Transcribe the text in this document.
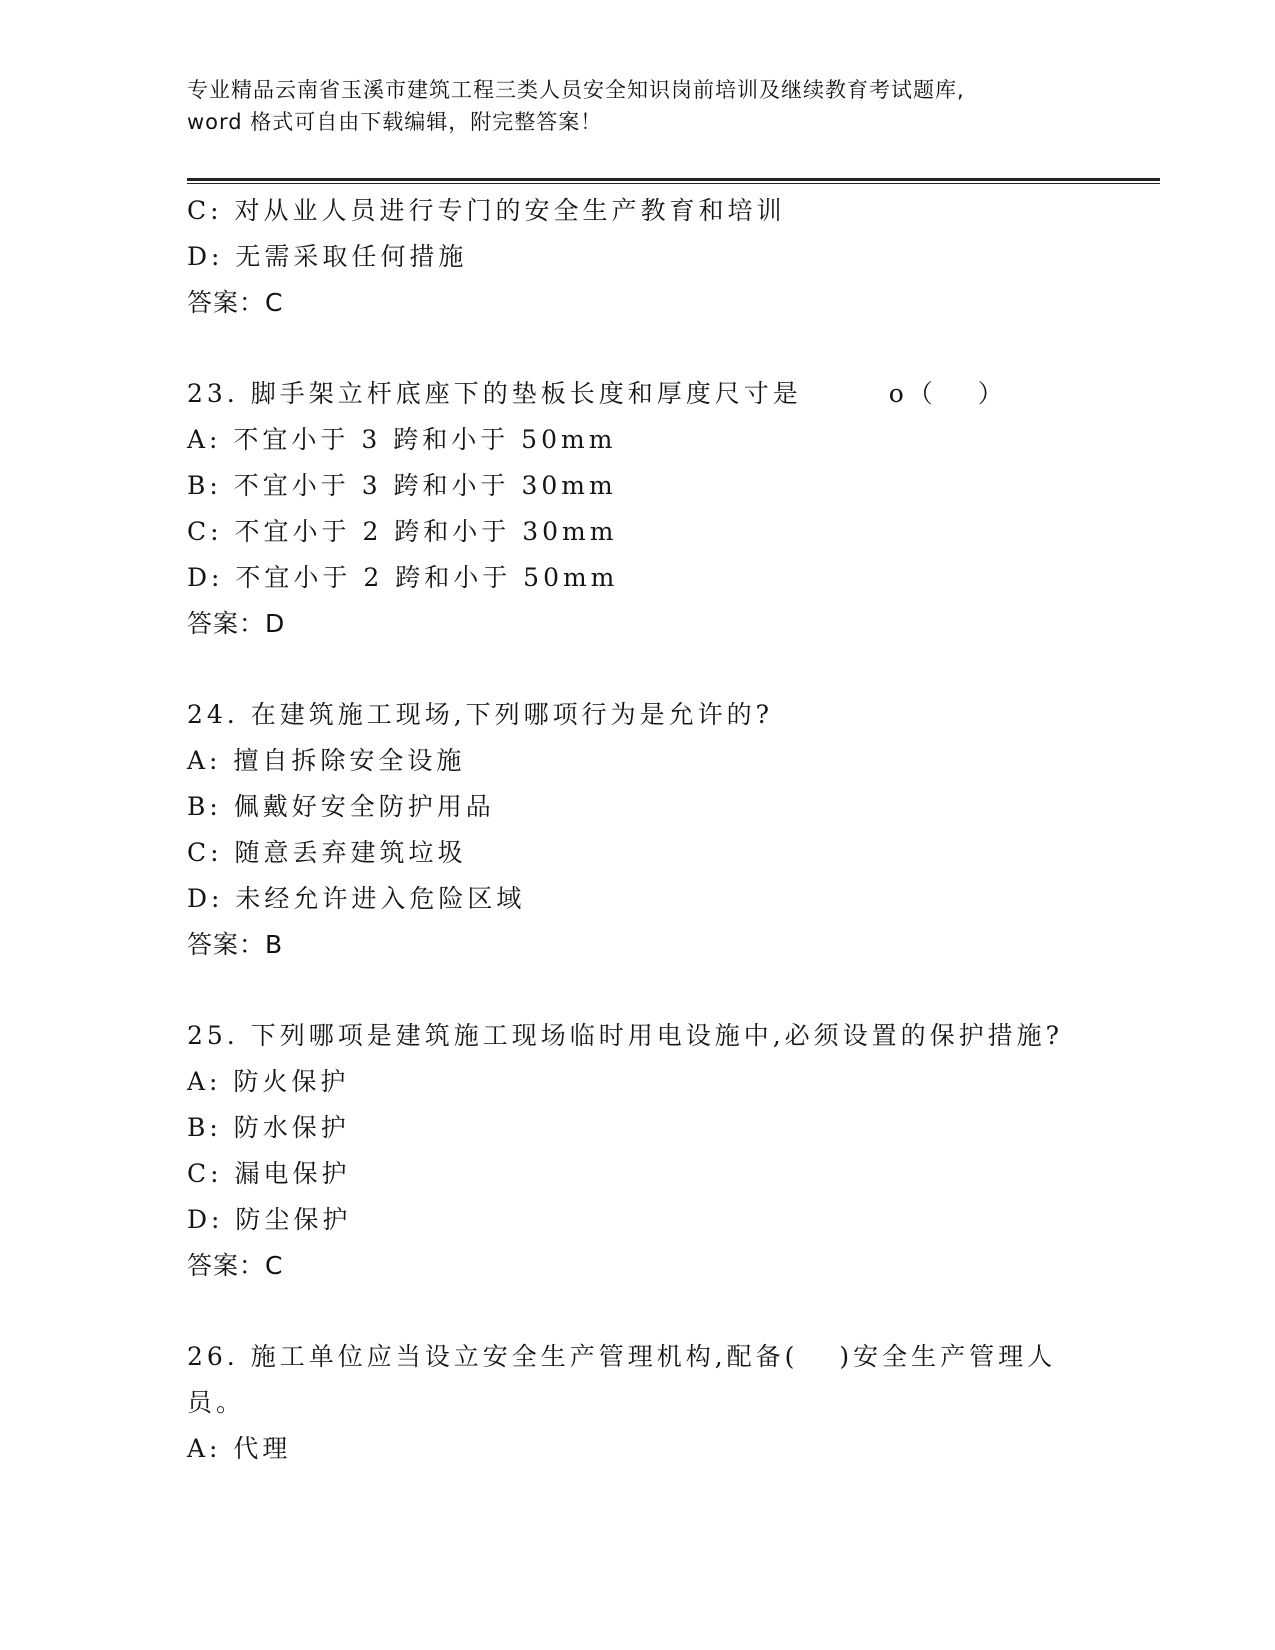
专业精品云南省玉溪市建筑工程三类人员安全知识岗前培训及继续教育考试题库,
word 格式可自由下载编辑，附完整答案！
C: 对从业人员进行专门的安全生产教育和培训
D: 无需采取任何措施
答案：C
23. 脚手架立杆底座下的垫板长度和厚度尺寸是　　　o（　 ）
A: 不宜小于 3 跨和小于 50mm
B: 不宜小于 3 跨和小于 30mm
C: 不宜小于 2 跨和小于 30mm
D: 不宜小于 2 跨和小于 50mm
答案：D
24. 在建筑施工现场,下列哪项行为是允许的?
A: 擅自拆除安全设施
B: 佩戴好安全防护用品
C: 随意丢弃建筑垃圾
D: 未经允许进入危险区域
答案：B
25. 下列哪项是建筑施工现场临时用电设施中,必须设置的保护措施?
A: 防火保护
B: 防水保护
C: 漏电保护
D: 防尘保护
答案：C
26. 施工单位应当设立安全生产管理机构,配备(　 )安全生产管理人员。
A: 代理
